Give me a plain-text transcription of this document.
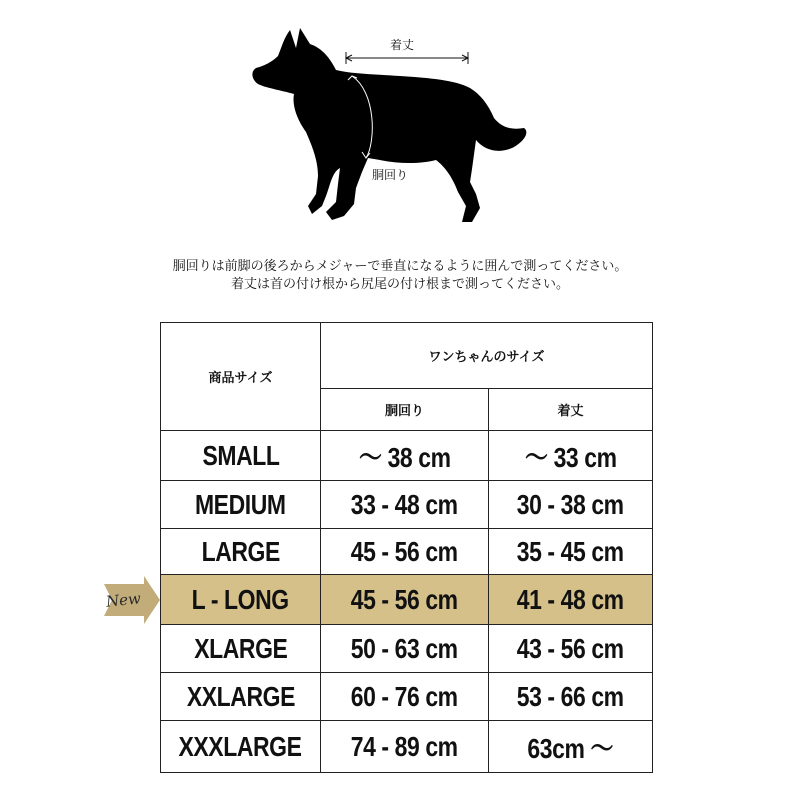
着丈
胴回り
胴回りは前脚の後ろからメジャーで垂直になるように囲んで測ってください。
着丈は首の付け根から尻尾の付け根まで測ってください。
New
商品サイズ	ワンちゃんのサイズ	
	胴回り	着丈
SMALL	～ 38 cm	～ 33 cm
MEDIUM	33 - 48 cm	30 - 38 cm
LARGE	45 - 56 cm	35 - 45 cm
L - LONG	45 - 56 cm	41 - 48 cm
XLARGE	50 - 63 cm	43 - 56 cm
XXLARGE	60 - 76 cm	53 - 66 cm
XXXLARGE	74 - 89 cm	63cm ～
